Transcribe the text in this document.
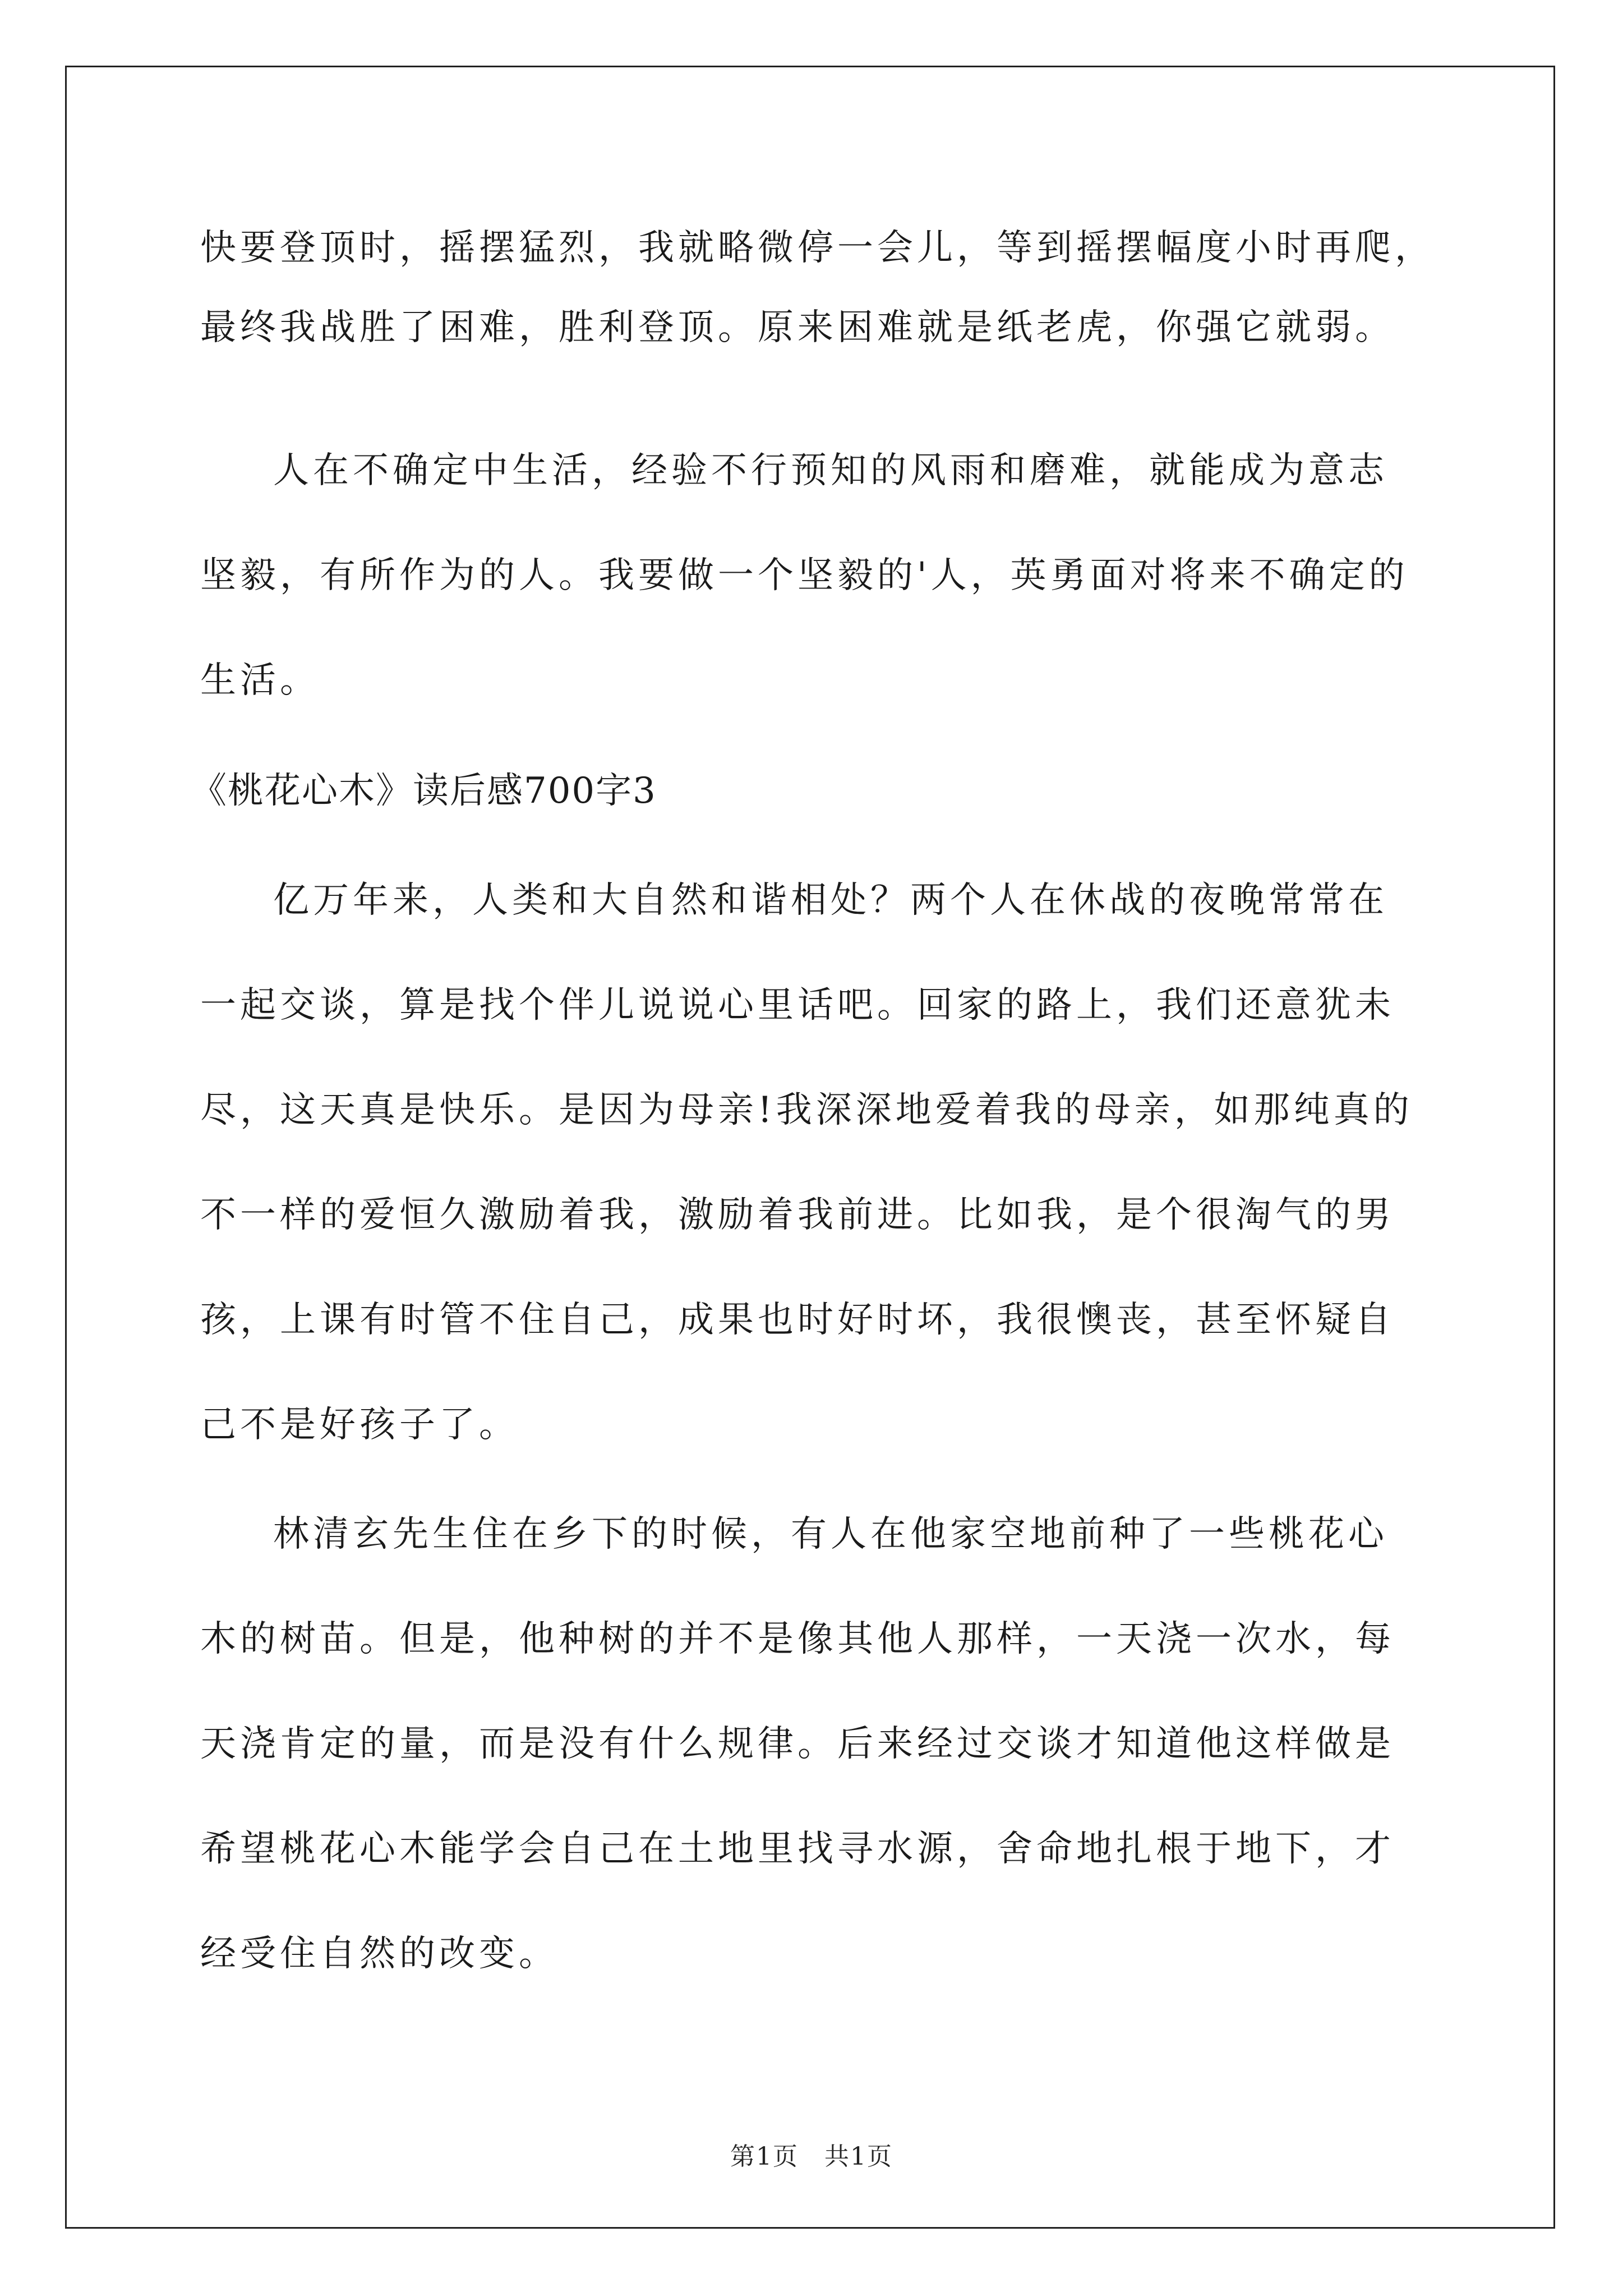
快要登顶时，摇摆猛烈，我就略微停一会儿，等到摇摆幅度小时再爬，

最终我战胜了困难，胜利登顶。原来困难就是纸老虎，你强它就弱。

人在不确定中生活，经验不行预知的风雨和磨难，就能成为意志

坚毅，有所作为的人。我要做一个坚毅的'人，英勇面对将来不确定的

生活。

《桃花心木》读后感700字3

亿万年来，人类和大自然和谐相处？两个人在休战的夜晚常常在

一起交谈，算是找个伴儿说说心里话吧。回家的路上，我们还意犹未

尽，这天真是快乐。是因为母亲!我深深地爱着我的母亲，如那纯真的

不一样的爱恒久激励着我，激励着我前进。比如我，是个很淘气的男

孩，上课有时管不住自己，成果也时好时坏，我很懊丧，甚至怀疑自

己不是好孩子了。

林清玄先生住在乡下的时候，有人在他家空地前种了一些桃花心

木的树苗。但是，他种树的并不是像其他人那样，一天浇一次水，每

天浇肯定的量，而是没有什么规律。后来经过交谈才知道他这样做是

希望桃花心木能学会自己在土地里找寻水源，舍命地扎根于地下，才

经受住自然的改变。

第1页　共1页
